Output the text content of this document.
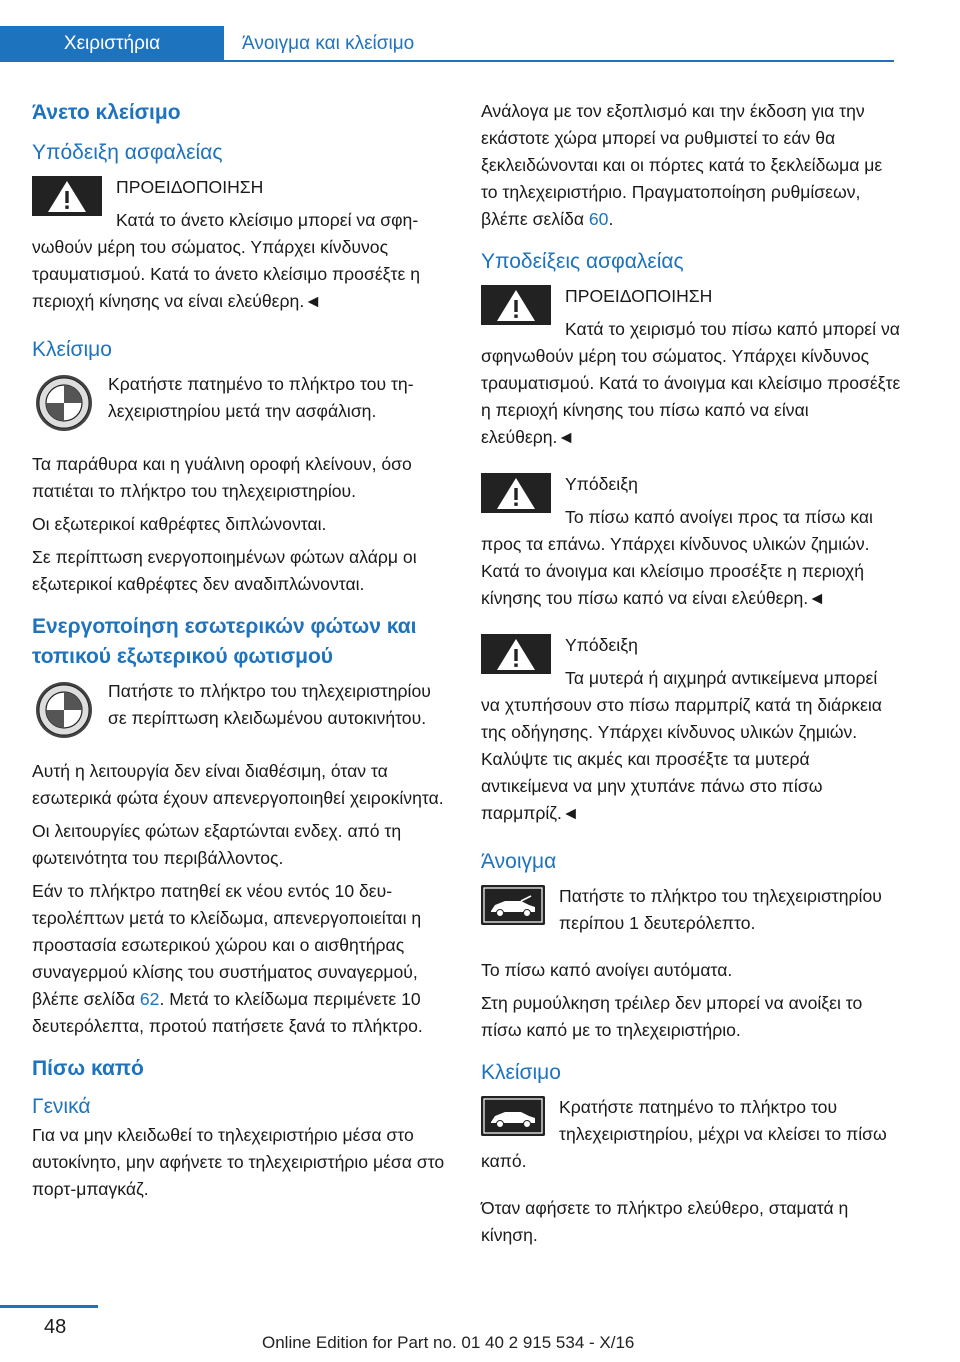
Χειριστήρια	Άνοιγμα και κλείσιμο
Άνετο κλείσιμο
Υπόδειξη ασφαλείας

ΠΡΟΕΙΔΟΠΟΙΗΣΗ

Κατά το άνετο κλείσιμο μπορεί να σφηνωθούν μέρη του σώματος. Υπάρχει κίνδυνος τραυματισμού. Κατά το άνετο κλείσιμο προσέξτε η περιοχή κίνησης να είναι ελεύθερη.◄

Κλείσιμο

Κρατήστε πατημένο το πλήκτρο του τηλεχειριστηρίου μετά την ασφάλιση.

Τα παράθυρα και η γυάλινη οροφή κλείνουν, όσο πατιέται το πλήκτρο του τηλεχειριστηρίου.

Οι εξωτερικοί καθρέφτες διπλώνονται.

Σε περίπτωση ενεργοποιημένων φώτων αλάρμ οι εξωτερικοί καθρέφτες δεν αναδιπλώνονται.

Ενεργοποίηση εσωτερικών φώτων και τοπικού εξωτερικού φωτισμού

Πατήστε το πλήκτρο του τηλεχειριστηρίου σε περίπτωση κλειδωμένου αυτοκινήτου.

Αυτή η λειτουργία δεν είναι διαθέσιμη, όταν τα εσωτερικά φώτα έχουν απενεργοποιηθεί χειροκίνητα.

Οι λειτουργίες φώτων εξαρτώνται ενδεχ. από τη φωτεινότητα του περιβάλλοντος.

Εάν το πλήκτρο πατηθεί εκ νέου εντός 10 δευτερολέπτων μετά το κλείδωμα, απενεργοποιείται η προστασία εσωτερικού χώρου και ο αισθητήρας συναγερμού κλίσης του συστήματος συναγερμού, βλέπε σελίδα 62. Μετά το κλείδωμα περιμένετε 10 δευτερόλεπτα, προτού πατήσετε ξανά το πλήκτρο.

Πίσω καπό
Γενικά

Για να μην κλειδωθεί το τηλεχειριστήριο μέσα στο αυτοκίνητο, μην αφήνετε το τηλεχειριστήριο μέσα στο πορτ-μπαγκάζ.

Ανάλογα με τον εξοπλισμό και την έκδοση για την εκάστοτε χώρα μπορεί να ρυθμιστεί το εάν θα ξεκλειδώνονται και οι πόρτες κατά το ξεκλείδωμα με το τηλεχειριστήριο. Πραγματοποίηση ρυθμίσεων, βλέπε σελίδα 60.

Υποδείξεις ασφαλείας

ΠΡΟΕΙΔΟΠΟΙΗΣΗ

Κατά το χειρισμό του πίσω καπό μπορεί να σφηνωθούν μέρη του σώματος. Υπάρχει κίνδυνος τραυματισμού. Κατά το άνοιγμα και κλείσιμο προσέξτε η περιοχή κίνησης του πίσω καπό να είναι ελεύθερη.◄

Υπόδειξη

Το πίσω καπό ανοίγει προς τα πίσω και προς τα επάνω. Υπάρχει κίνδυνος υλικών ζημιών. Κατά το άνοιγμα και κλείσιμο προσέξτε η περιοχή κίνησης του πίσω καπό να είναι ελεύθερη.◄

Υπόδειξη

Τα μυτερά ή αιχμηρά αντικείμενα μπορεί να χτυπήσουν στο πίσω παρμπρίζ κατά τη διάρκεια της οδήγησης. Υπάρχει κίνδυνος υλικών ζημιών. Καλύψτε τις ακμές και προσέξτε τα μυτερά αντικείμενα να μην χτυπάνε πάνω στο πίσω παρμπρίζ.◄

Άνοιγμα

Πατήστε το πλήκτρο του τηλεχειριστηρίου περίπου 1 δευτερόλεπτο.

Το πίσω καπό ανοίγει αυτόματα.

Στη ρυμούλκηση τρέιλερ δεν μπορεί να ανοίξει το πίσω καπό με το τηλεχειριστήριο.

Κλείσιμο

Κρατήστε πατημένο το πλήκτρο του τηλεχειριστηρίου, μέχρι να κλείσει το πίσω καπό.

Όταν αφήσετε το πλήκτρο ελεύθερο, σταματά η κίνηση.

48
Online Edition for Part no. 01 40 2 915 534 - X/16
